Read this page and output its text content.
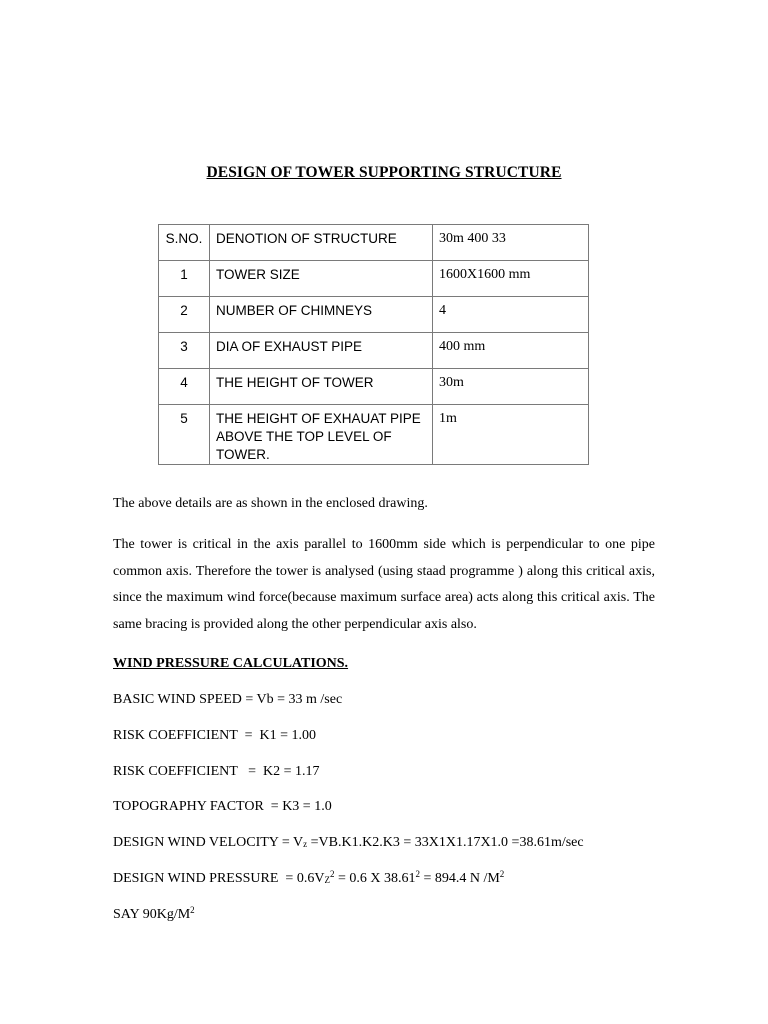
DESIGN OF TOWER SUPPORTING STRUCTURE
S.NO.	DENOTION OF STRUCTURE	30m 400 33
1	TOWER SIZE	1600X1600 mm
2	NUMBER OF CHIMNEYS	4
3	DIA OF EXHAUST PIPE	400 mm
4	THE HEIGHT OF TOWER	30m
5	THE HEIGHT OF EXHAUAT PIPE ABOVE THE TOP LEVEL OF TOWER.	1m
The above details are as shown in the enclosed drawing.
The tower is critical in the axis parallel to 1600mm side which is perpendicular to one pipe common axis. Therefore the tower is analysed (using staad programme ) along this critical axis, since the maximum wind force(because maximum surface area) acts along this critical axis. The same bracing is provided along the other perpendicular axis also.
WIND PRESSURE CALCULATIONS.
BASIC WIND SPEED = Vb = 33 m /sec
RISK COEFFICIENT  =  K1 = 1.00
RISK COEFFICIENT   =  K2 = 1.17
TOPOGRAPHY FACTOR  = K3 = 1.0
DESIGN WIND VELOCITY = $V_z =VB.K1.K2.K3 = 33X1X1.17X1.0 =38.61m/\sec$
DESIGN WIND PRESSURE  = $0.6V_Z^2 = 0.6$ X $38.61^2 = 894.4$ N $/M^2$
SAY $90Kg/M^2$
